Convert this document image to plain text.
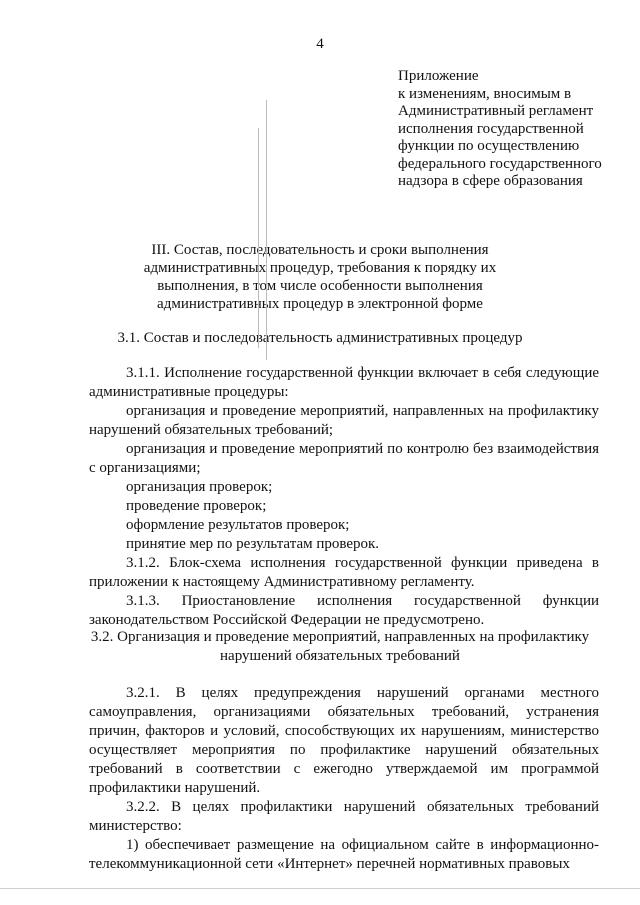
4
Приложение
к изменениям, вносимым в
Административный регламент
исполнения государственной
функции по осуществлению
федерального государственного
надзора в сфере образования
III. Состав, последовательность и сроки выполнения
административных процедур, требования к порядку их
выполнения, в том числе особенности выполнения
административных процедур в электронной форме
3.1. Состав и последовательность административных процедур

3.1.1. Исполнение государственной функции включает в себя следующие административные процедуры:

организация и проведение мероприятий, направленных на профилактику нарушений обязательных требований;

организация и проведение мероприятий по контролю без взаимодействия с организациями;

организация проверок;

проведение проверок;

оформление результатов проверок;

принятие мер по результатам проверок.

3.1.2. Блок-схема исполнения государственной функции приведена в приложении к настоящему Административному регламенту.

3.1.3. Приостановление исполнения государственной функции законодательством Российской Федерации не предусмотрено.

3.2. Организация и проведение мероприятий, направленных на профилактику
нарушений обязательных требований

3.2.1. В целях предупреждения нарушений органами местного самоуправления, организациями обязательных требований, устранения причин, факторов и условий, способствующих их нарушениям, министерство осуществляет мероприятия по профилактике нарушений обязательных требований в соответствии с ежегодно утверждаемой им программой профилактики нарушений.

3.2.2. В целях профилактики нарушений обязательных требований министерство:

1) обеспечивает размещение на официальном сайте в информационно-телекоммуникационной сети «Интернет» перечней нормативных правовых
